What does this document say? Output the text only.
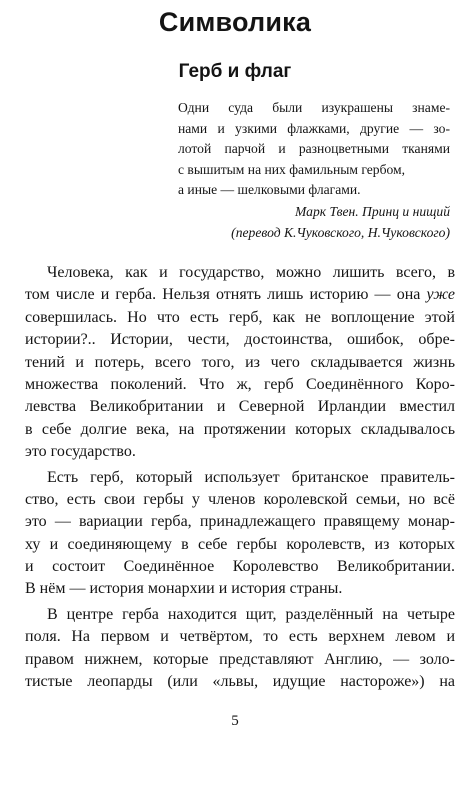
Символика
Герб и флаг
Одни суда были изукрашены знаме-
нами и узкими флажками, другие — зо-
лотой парчой и разноцветными тканями
с вышитым на них фамильным гербом,
а иные — шелковыми флагами.
Марк Твен. Принц и нищий
(перевод К.Чуковского, Н.Чуковского)
Человека, как и государство, можно лишить всего, в
том числе и герба. Нельзя отнять лишь историю — она уже
совершилась. Но что есть герб, как не воплощение этой
истории?.. Истории, чести, достоинства, ошибок, обре-
тений и потерь, всего того, из чего складывается жизнь
множества поколений. Что ж, герб Соединённого Коро-
левства Великобритании и Северной Ирландии вместил
в себе долгие века, на протяжении которых складывалось
это государство.
Есть герб, который использует британское правитель-
ство, есть свои гербы у членов королевской семьи, но всё
это — вариации герба, принадлежащего правящему монар-
ху и соединяющему в себе гербы королевств, из которых
и состоит Соединённое Королевство Великобритании.
В нём — история монархии и история страны.
В центре герба находится щит, разделённый на четыре
поля. На первом и четвёртом, то есть верхнем левом и
правом нижнем, которые представляют Англию, — золо-
тистые леопарды (или «львы, идущие настороже») на
5
